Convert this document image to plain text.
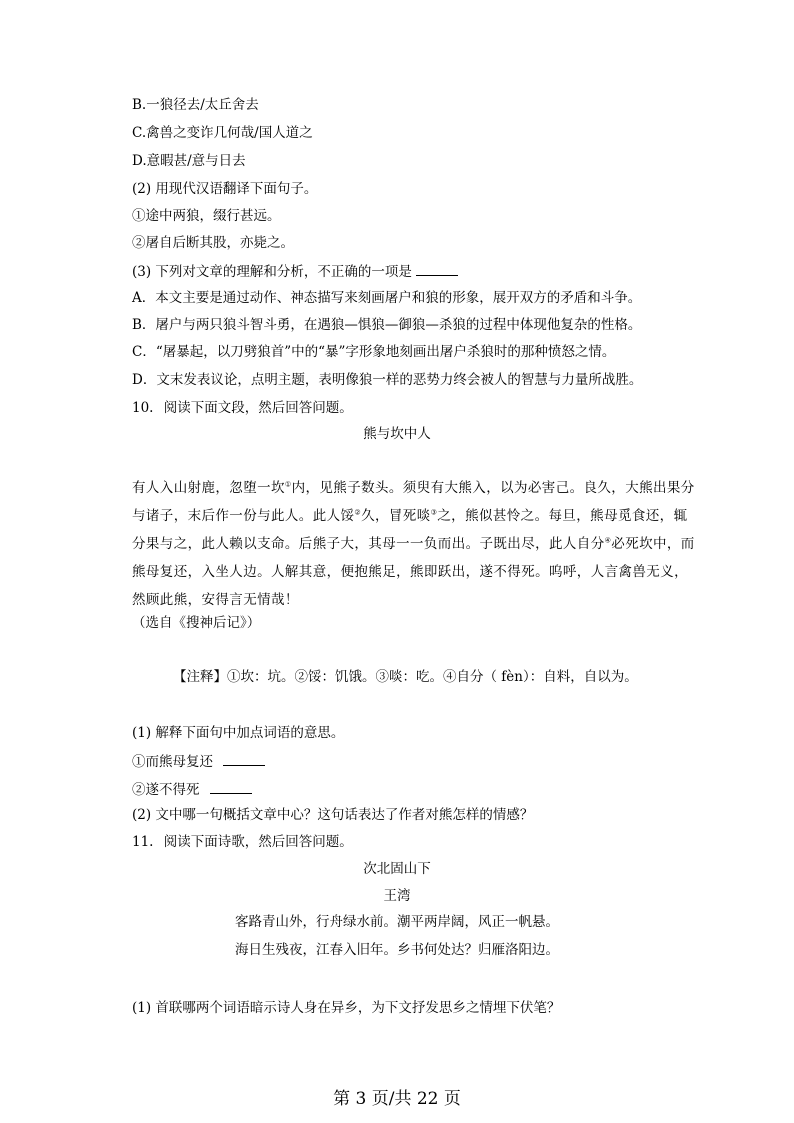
B.一狼径去/太丘舍去
C.禽兽之变诈几何哉/国人道之
D.意暇甚/意与日去
(2) 用现代汉语翻译下面句子。
①途中两狼，缀行甚远。
②屠自后断其股，亦毙之。
(3) 下列对文章的理解和分析，不正确的一项是
A．本文主要是通过动作、神态描写来刻画屠户和狼的形象，展开双方的矛盾和斗争。
B．屠户与两只狼斗智斗勇，在遇狼—惧狼—御狼—杀狼的过程中体现他复杂的性格。
C．“屠暴起，以刀劈狼首”中的“暴”字形象地刻画出屠户杀狼时的那种愤怒之情。
D．文末发表议论，点明主题，表明像狼一样的恶势力终会被人的智慧与力量所战胜。
10. 阅读下面文段，然后回答问题。
熊与坎中人
有人入山射鹿，忽堕一坎①内，见熊子数头。须臾有大熊入，以为必害己。良久，大熊出果分
与诸子，末后作一份与此人。此人馁②久，冒死啖③之，熊似甚怜之。每旦，熊母觅食还，辄
分果与之，此人赖以支命。后熊子大，其母一一负而出。子既出尽，此人自分④必死坎中，而
熊母复还，入坐人边。人解其意，便抱熊足，熊即跃出，遂不得死。呜呼，人言禽兽无义，
然顾此熊，安得言无情哉！
（选自《搜神后记》）
【注释】①坎：坑。②馁：饥饿。③啖：吃。④自分（ fèn）：自料，自以为。
(1) 解释下面句中加点词语的意思。
①而熊母复还
②遂不得死
(2) 文中哪一句概括文章中心？这句话表达了作者对熊怎样的情感？
11. 阅读下面诗歌，然后回答问题。
次北固山下
王湾
客路青山外，行舟绿水前。潮平两岸阔，风正一帆悬。
海日生残夜，江春入旧年。乡书何处达？归雁洛阳边。
(1) 首联哪两个词语暗示诗人身在异乡，为下文抒发思乡之情埋下伏笔？
第 3 页/共 22 页
